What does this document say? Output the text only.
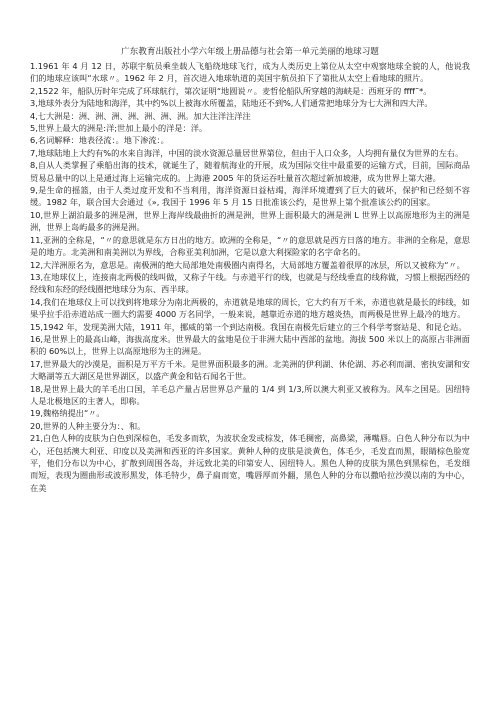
广东教育出版社小学六年级上册品德与社会第一单元美丽的地球习题

1.1961 年 4 月 12 日，苏联宇航员乘坐载人飞船绕地球飞行，成为人类历史上第位从太空中观察地球全貌的人，他说我们的地球应该叫“水球〃。1962 年 2 月，首次进入地球轨道的美国宇航员拍下了第批从太空上看地球的照片。

2,1522 年，船队历时年完成了环球航行，第次证明“地圆说〃。麦哲伦船队所穿越的海峡是：西班牙的 ffff˜*。

3,地球外表分为陆地和海洋，其中约%以上被海水所覆盖，陆地还不到%,人们通常把地球分为七大洲和四大洋。

4,七大洲是：洲、洲、洲、洲、洲、洲、洲。加大注洋注洋注

5,世界上最大的洲是:洋;世加上最小的洋是：洋。

6,名词解释：地表径流：。地下渗流：。

7,地球陆地上大约有%的水来自海洋，中国的淡水资源总量居世界第位，但由于人口众多，人均拥有量仅为世界的左右。

8,自从人类掌握了乘船出海的技术，就诞生了，随着航海业的开展，成为国际交往中最重要的运输方式，目前，国际商品贸易总量中的以上是通过海上运输完成的。上海港 2005 年的货运吞吐量首次超过新加坡港，成为世界上第大港。

9,是生命的摇篮，由于人类过度开发和不当利用，海洋资源日益枯竭，海洋环境遭到了巨大的破坏，保护和已经刻不容缓。1982 年，联合国大会通过《», 我国于 1996 年 5 月 15 日批准该公约，是世界上第个批准该公约的国家。

10,世界上湖泊最多的洲是洲，世界上海岸线最曲折的洲是洲，世界上面积最大的洲是洲 L 世界上以高原地形为主的洲是洲，世界上岛屿最多的洲是洲。

11,亚洲的全称是，“〃的意思就是东方日出的地方。欧洲的全称是，“〃的意思就是西方日落的地方。非洲的全称是，意思是的地方。北美洲和南美洲以为界线，合称亚美利加洲，它是以意大利探险家的名字命名的。

12,大洋洲原名为，意思是。南极洲的绝大局部地处南极圈内南得名，大局部地方覆盖着很厚的冰层，所以又被称为“〃。

13,在地球仪上，连接南北两极的线叫做，又称子午线。与赤道平行的线，也就是与经线垂直的线称做，习惯上根据西经的经线和东经的经线圈把地球分为东、西半球。

14,我们在地球仪上可以找到将地球分为南北两极的，赤道就是地球的周长，它大约有万千米，赤道也就是最长的纬线，如果乎拉手沿赤道站成一圈大约需要 4000 万名同学，一般来说，越靠近赤道的地方越炎热，而两极是世界上最冷的地方。

15,1942 年，发现美洲大陆，1911 年，挪威的第一个到达南极。我国在南极先后建立的三个科学考察站是、和昆仑站。

16,是世界上的最高山峰，海拔高度米。世界最大的盆地是位于非洲大陆中西部的盆地。海拔 500 米以上的高原占非洲面积的 60%以上，世界上以高原地形为主的洲是。

17,世界最大的沙漠是，面积是万平方千米。是世界面积最多的洲。北美洲的伊利湖、休伦湖、苏必利而湖、密执安湖和安大略湖等五大湖区是世界湖区，以盛产黄金和钻石闻名于世。

18,是世界上最大的羊毛出口国，羊毛总产量占居世界总产量的 1/4 到 1/3,所以澳大利亚又被称为。风车之国是。因纽特人是北极地区的主著人，即称。

19,魏格纳提出“〃。

20,世界的人种主要分为：、和。

21,白色人种的皮肤为白色到深棕色，毛发多而软，为波状金发或棕发，体毛稠密，高鼻梁，薄嘴唇。白色人种分布以为中心，还包括澳大利亚、印度以及美洲和西亚的许多国家。黄种人种的皮肤是淡黄色，体毛少，毛发直而黑，眼睛棕色脸宽平，他们分布以为中心，扩散到周围各岛，并远致北美的印第安人、因纽特人。黑色人种的皮肤为黑色到黑棕色，毛发细而短，表现为圈曲形或波形黑发，体毛特少，鼻子扁而宽，嘴唇厚而外翻，黑色人种的分布以撒哈拉沙漠以南的为中心，在美
